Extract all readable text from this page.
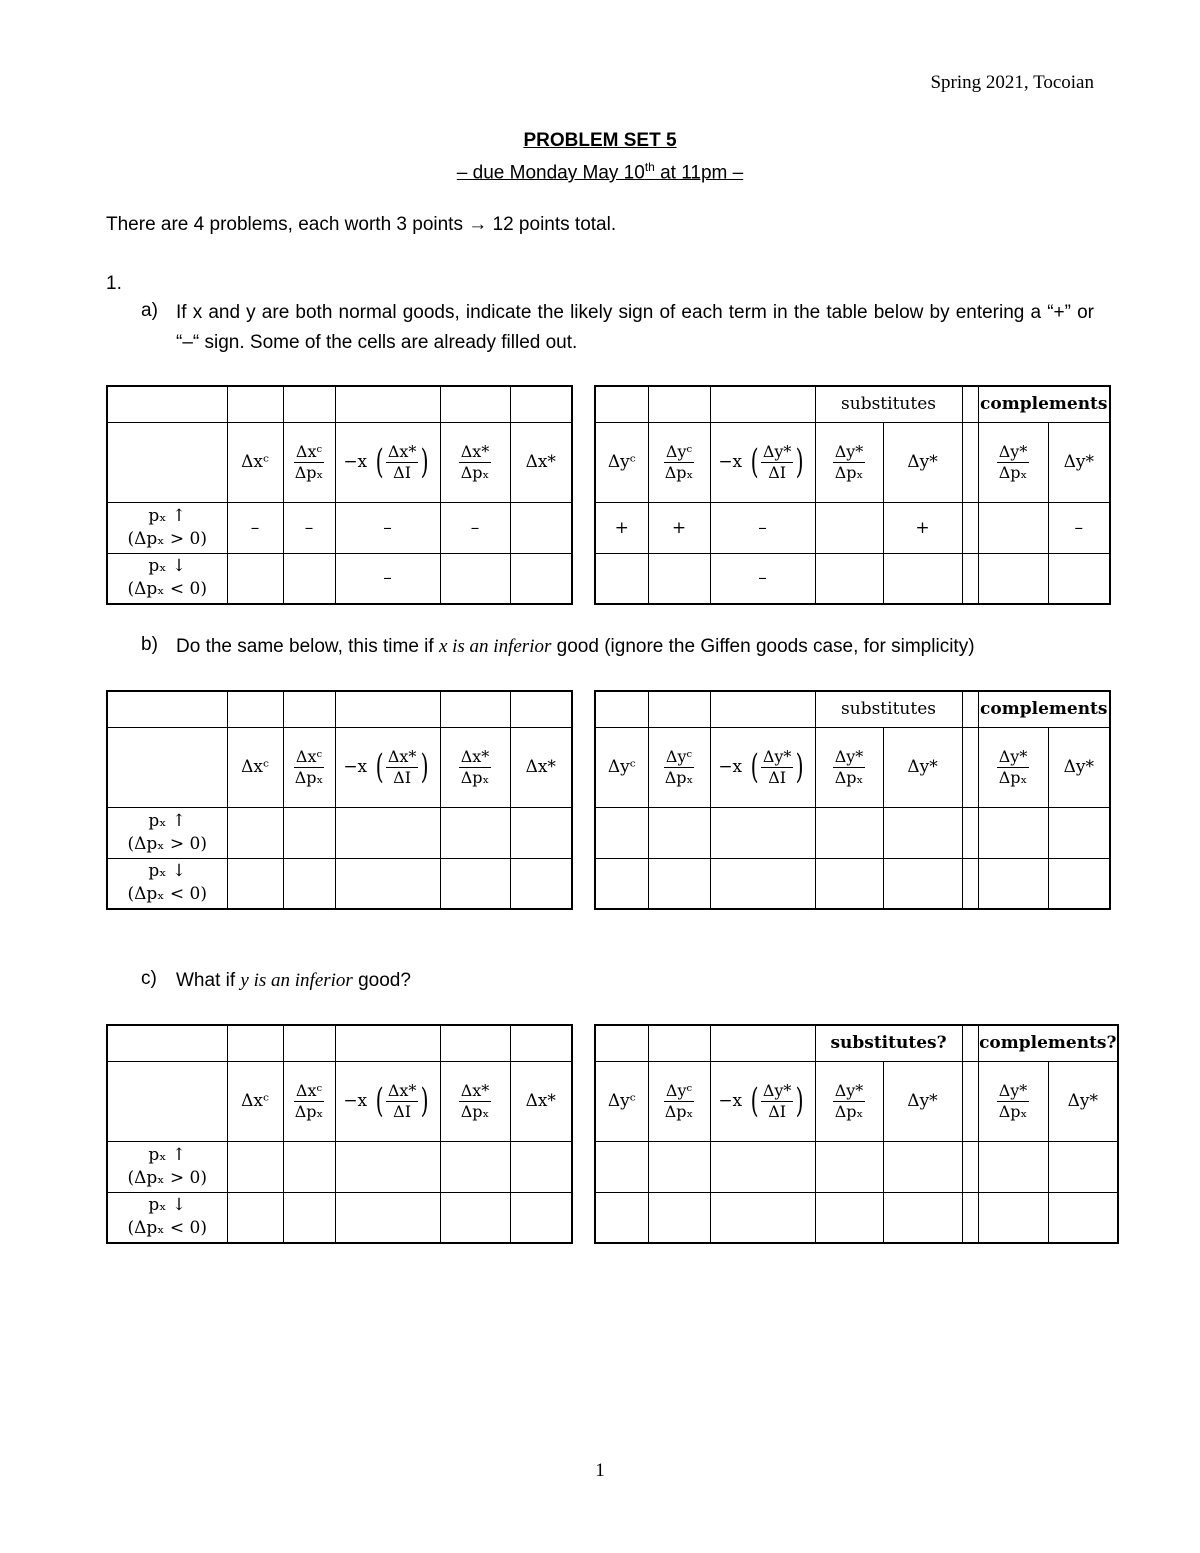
Spring 2021, Tocoian
PROBLEM SET 5
– due Monday May 10th at 11pm –
There are 4 problems, each worth 3 points → 12 points total.
1.
a) If x and y are both normal goods, indicate the likely sign of each term in the table below by entering a “+” or “–“ sign. Some of the cells are already filled out.
b) Do the same below, this time if x is an inferior good (ignore the Giffen goods case, for simplicity)
c) What if y is an inferior good?

	Δxᶜ	$\frac{\text{Δxᶜ}}{\text{Δpₓ}}$	−x ( $\frac{\Delta x*}{\Delta I}$ )	$\frac{\Delta x*}{\text{Δpₓ}}$	Δx*

pₓ ↑
(Δpₓ > 0)	–	–	–	–	

pₓ ↓
(Δpₓ < 0)			–		
			substitutes			complements	
Δyᶜ	$\frac{\text{Δyᶜ}}{\text{Δpₓ}}$	−x ( $\frac{\Delta y*}{\Delta I}$ )	$\frac{\Delta y*}{\text{Δpₓ}}$	Δy*		$\frac{\Delta y*}{\text{Δpₓ}}$	Δy*
+	+	–		+			–
		–					

	Δxᶜ	$\frac{\text{Δxᶜ}}{\text{Δpₓ}}$	−x ( $\frac{\Delta x*}{\Delta I}$ )	$\frac{\Delta x*}{\text{Δpₓ}}$	Δx*

pₓ ↑
(Δpₓ > 0)					

pₓ ↓
(Δpₓ < 0)					

			substitutes			complements	
Δyᶜ	$\frac{\text{Δyᶜ}}{\text{Δpₓ}}$	−x ( $\frac{\Delta y*}{\Delta I}$ )	$\frac{\Delta y*}{\text{Δpₓ}}$	Δy*		$\frac{\Delta y*}{\text{Δpₓ}}$	Δy*

	Δxᶜ	$\frac{\text{Δxᶜ}}{\text{Δpₓ}}$	−x ( $\frac{\Delta x*}{\Delta I}$ )	$\frac{\Delta x*}{\text{Δpₓ}}$	Δx*

pₓ ↑
(Δpₓ > 0)					

pₓ ↓
(Δpₓ < 0)					

			substitutes?			complements?	
Δyᶜ	$\frac{\text{Δyᶜ}}{\text{Δpₓ}}$	−x ( $\frac{\Delta y*}{\Delta I}$ )	$\frac{\Delta y*}{\text{Δpₓ}}$	Δy*		$\frac{\Delta y*}{\text{Δpₓ}}$	Δy*

1
